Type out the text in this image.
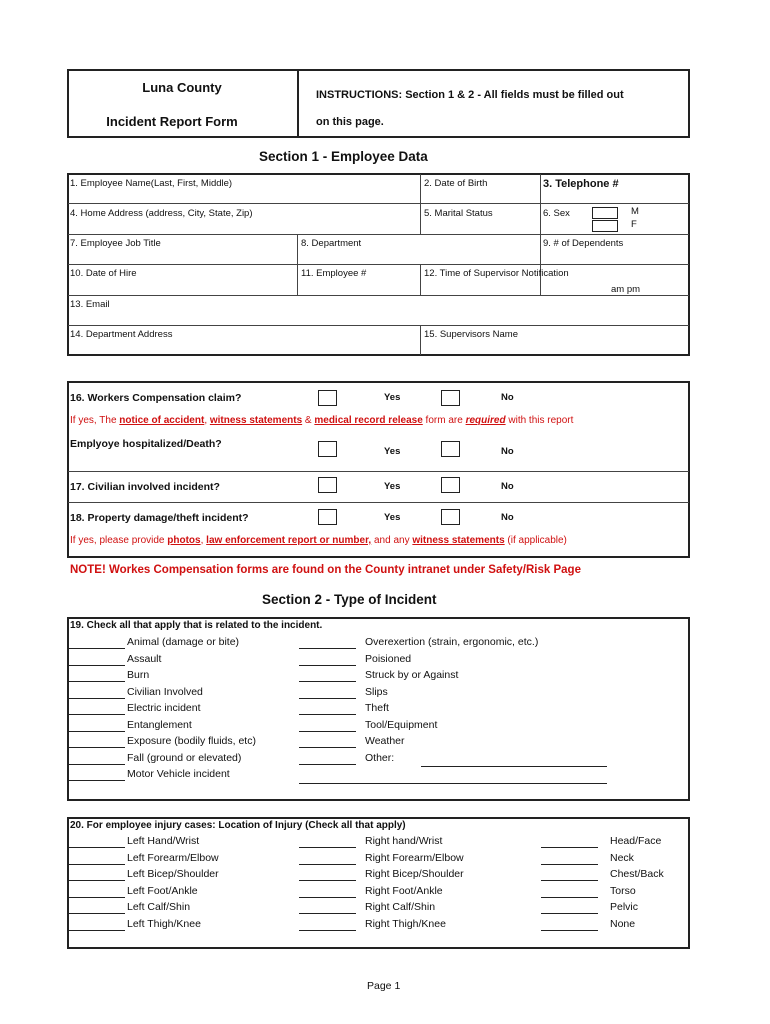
Luna County
Incident Report Form
INSTRUCTIONS: Section 1 & 2 - All fields must be filled out
on this page.
Section 1 - Employee Data
1. Employee Name(Last, First, Middle)	2. Date of Birth	3. Telephone #
4. Home Address (address, City, State, Zip)	5. Marital Status	6. Sex	M
F
7. Employee Job Title	8. Department	9. # of Dependents
10. Date of Hire	11. Employee #	12. Time of Supervisor Notification
am pm
13. Email
14. Department Address	15. Supervisors Name
16. Workers Compensation claim?	Yes	No
If yes, The notice of accident, witness statements & medical record release form are required with this report
Emplyoye hospitalized/Death?
Yes	No
17. Civilian involved incident?	Yes	No
18. Property damage/theft incident?	Yes	No
If yes, please provide photos, law enforcement report or number, and any witness statements (if applicable)
NOTE! Workes Compensation forms are found on the County intranet under Safety/Risk Page
Section 2 - Type of Incident
19. Check all that apply that is related to the incident.
Animal (damage or bite)
Assault
Burn
Civilian Involved
Electric incident
Entanglement
Exposure (bodily fluids, etc)
Fall (ground or elevated)
Motor Vehicle incident
Overexertion (strain, ergonomic, etc.)
Poisioned
Struck by or Against
Slips
Theft
Tool/Equipment
Weather
Other:
20. For employee injury cases: Location of Injury (Check all that apply)
Left Hand/Wrist
Left Forearm/Elbow
Left Bicep/Shoulder
Left Foot/Ankle
Left Calf/Shin
Left Thigh/Knee
Right hand/Wrist
Right Forearm/Elbow
Right Bicep/Shoulder
Right Foot/Ankle
Right Calf/Shin
Right Thigh/Knee
Head/Face
Neck
Chest/Back
Torso
Pelvic
None
Page 1
